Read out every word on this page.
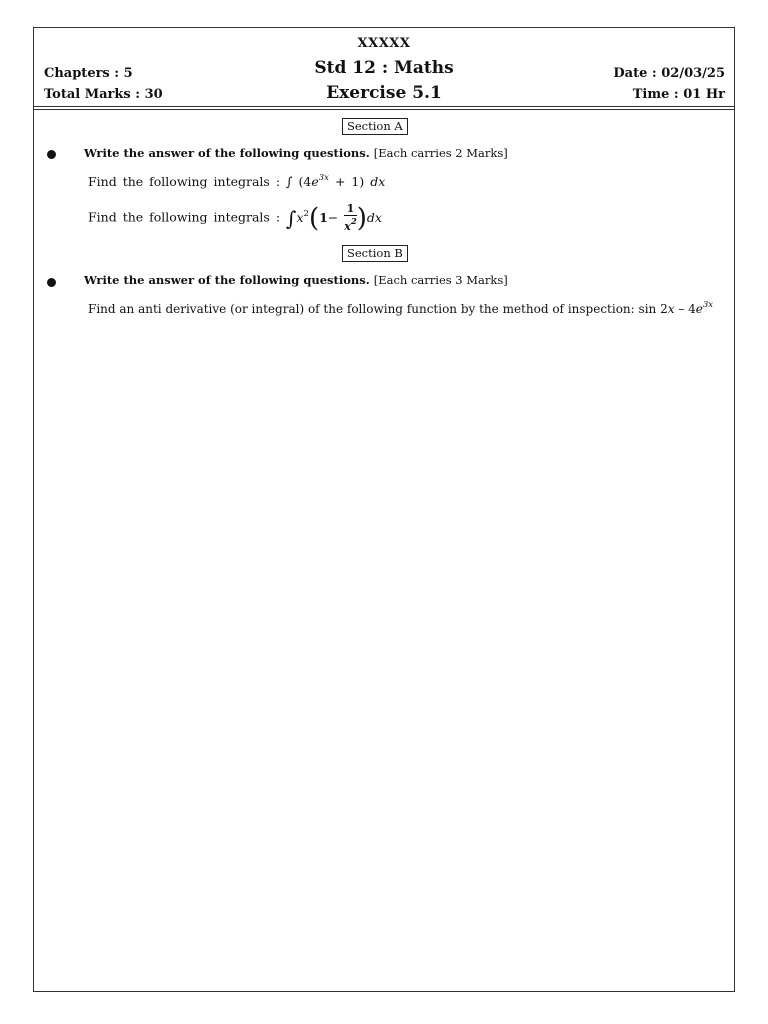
XXXXX
Std 12 : Maths
Exercise 5.1
Chapters : 5
Total Marks : 30
Date : 02/03/25
Time : 01 Hr
Section A
Write the answer of the following questions. [Each carries 2 Marks]
Find the following integrals : ∫ $(4e^{3x} + 1)$ dx
Find the following integrals : $\int x^2(1- \frac{1}{x^2} )dx$
Section B
Write the answer of the following questions. [Each carries 3 Marks]
Find an anti derivative (or integral) of the following function by the method of inspection: $\sin 2x - 4e^{3x}$
